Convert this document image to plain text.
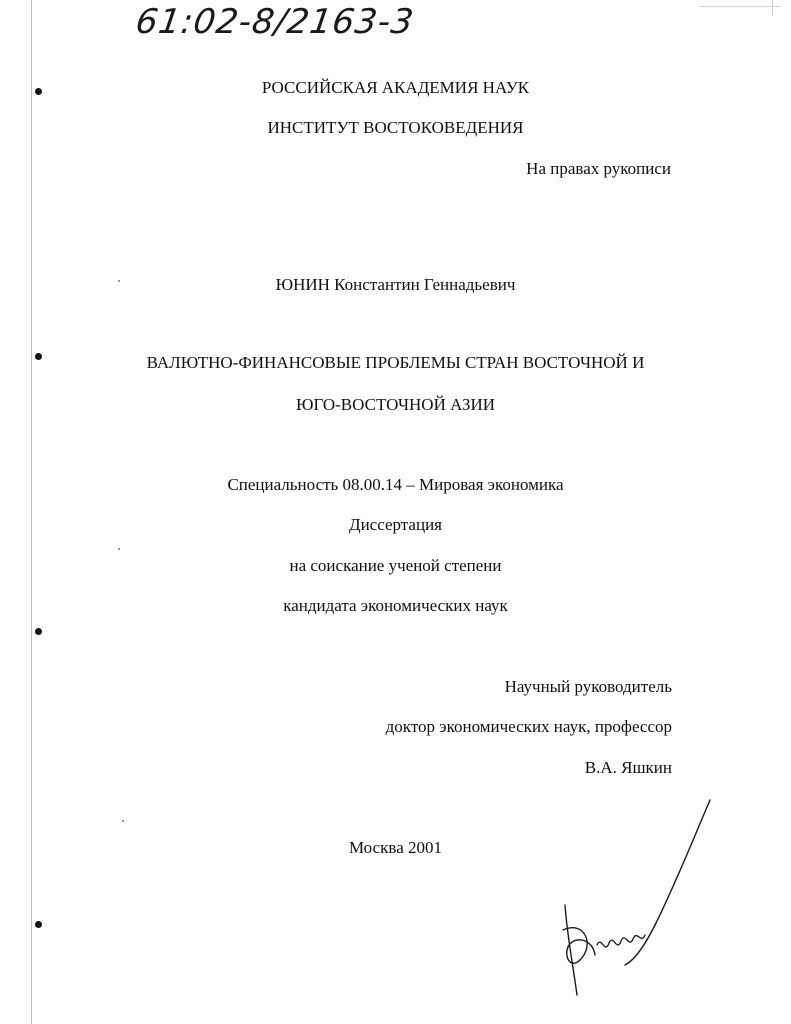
61:02-8/2163-3
РОССИЙСКАЯ АКАДЕМИЯ НАУК
ИНСТИТУТ ВОСТОКОВЕДЕНИЯ
На правах рукописи
ЮНИН Константин Геннадьевич
ВАЛЮТНО-ФИНАНСОВЫЕ ПРОБЛЕМЫ СТРАН ВОСТОЧНОЙ И
ЮГО-ВОСТОЧНОЙ АЗИИ
Специальность 08.00.14 – Мировая экономика
Диссертация
на соискание ученой степени
кандидата экономических наук
Научный руководитель
доктор экономических наук, профессор
В.А. Яшкин
Москва 2001
